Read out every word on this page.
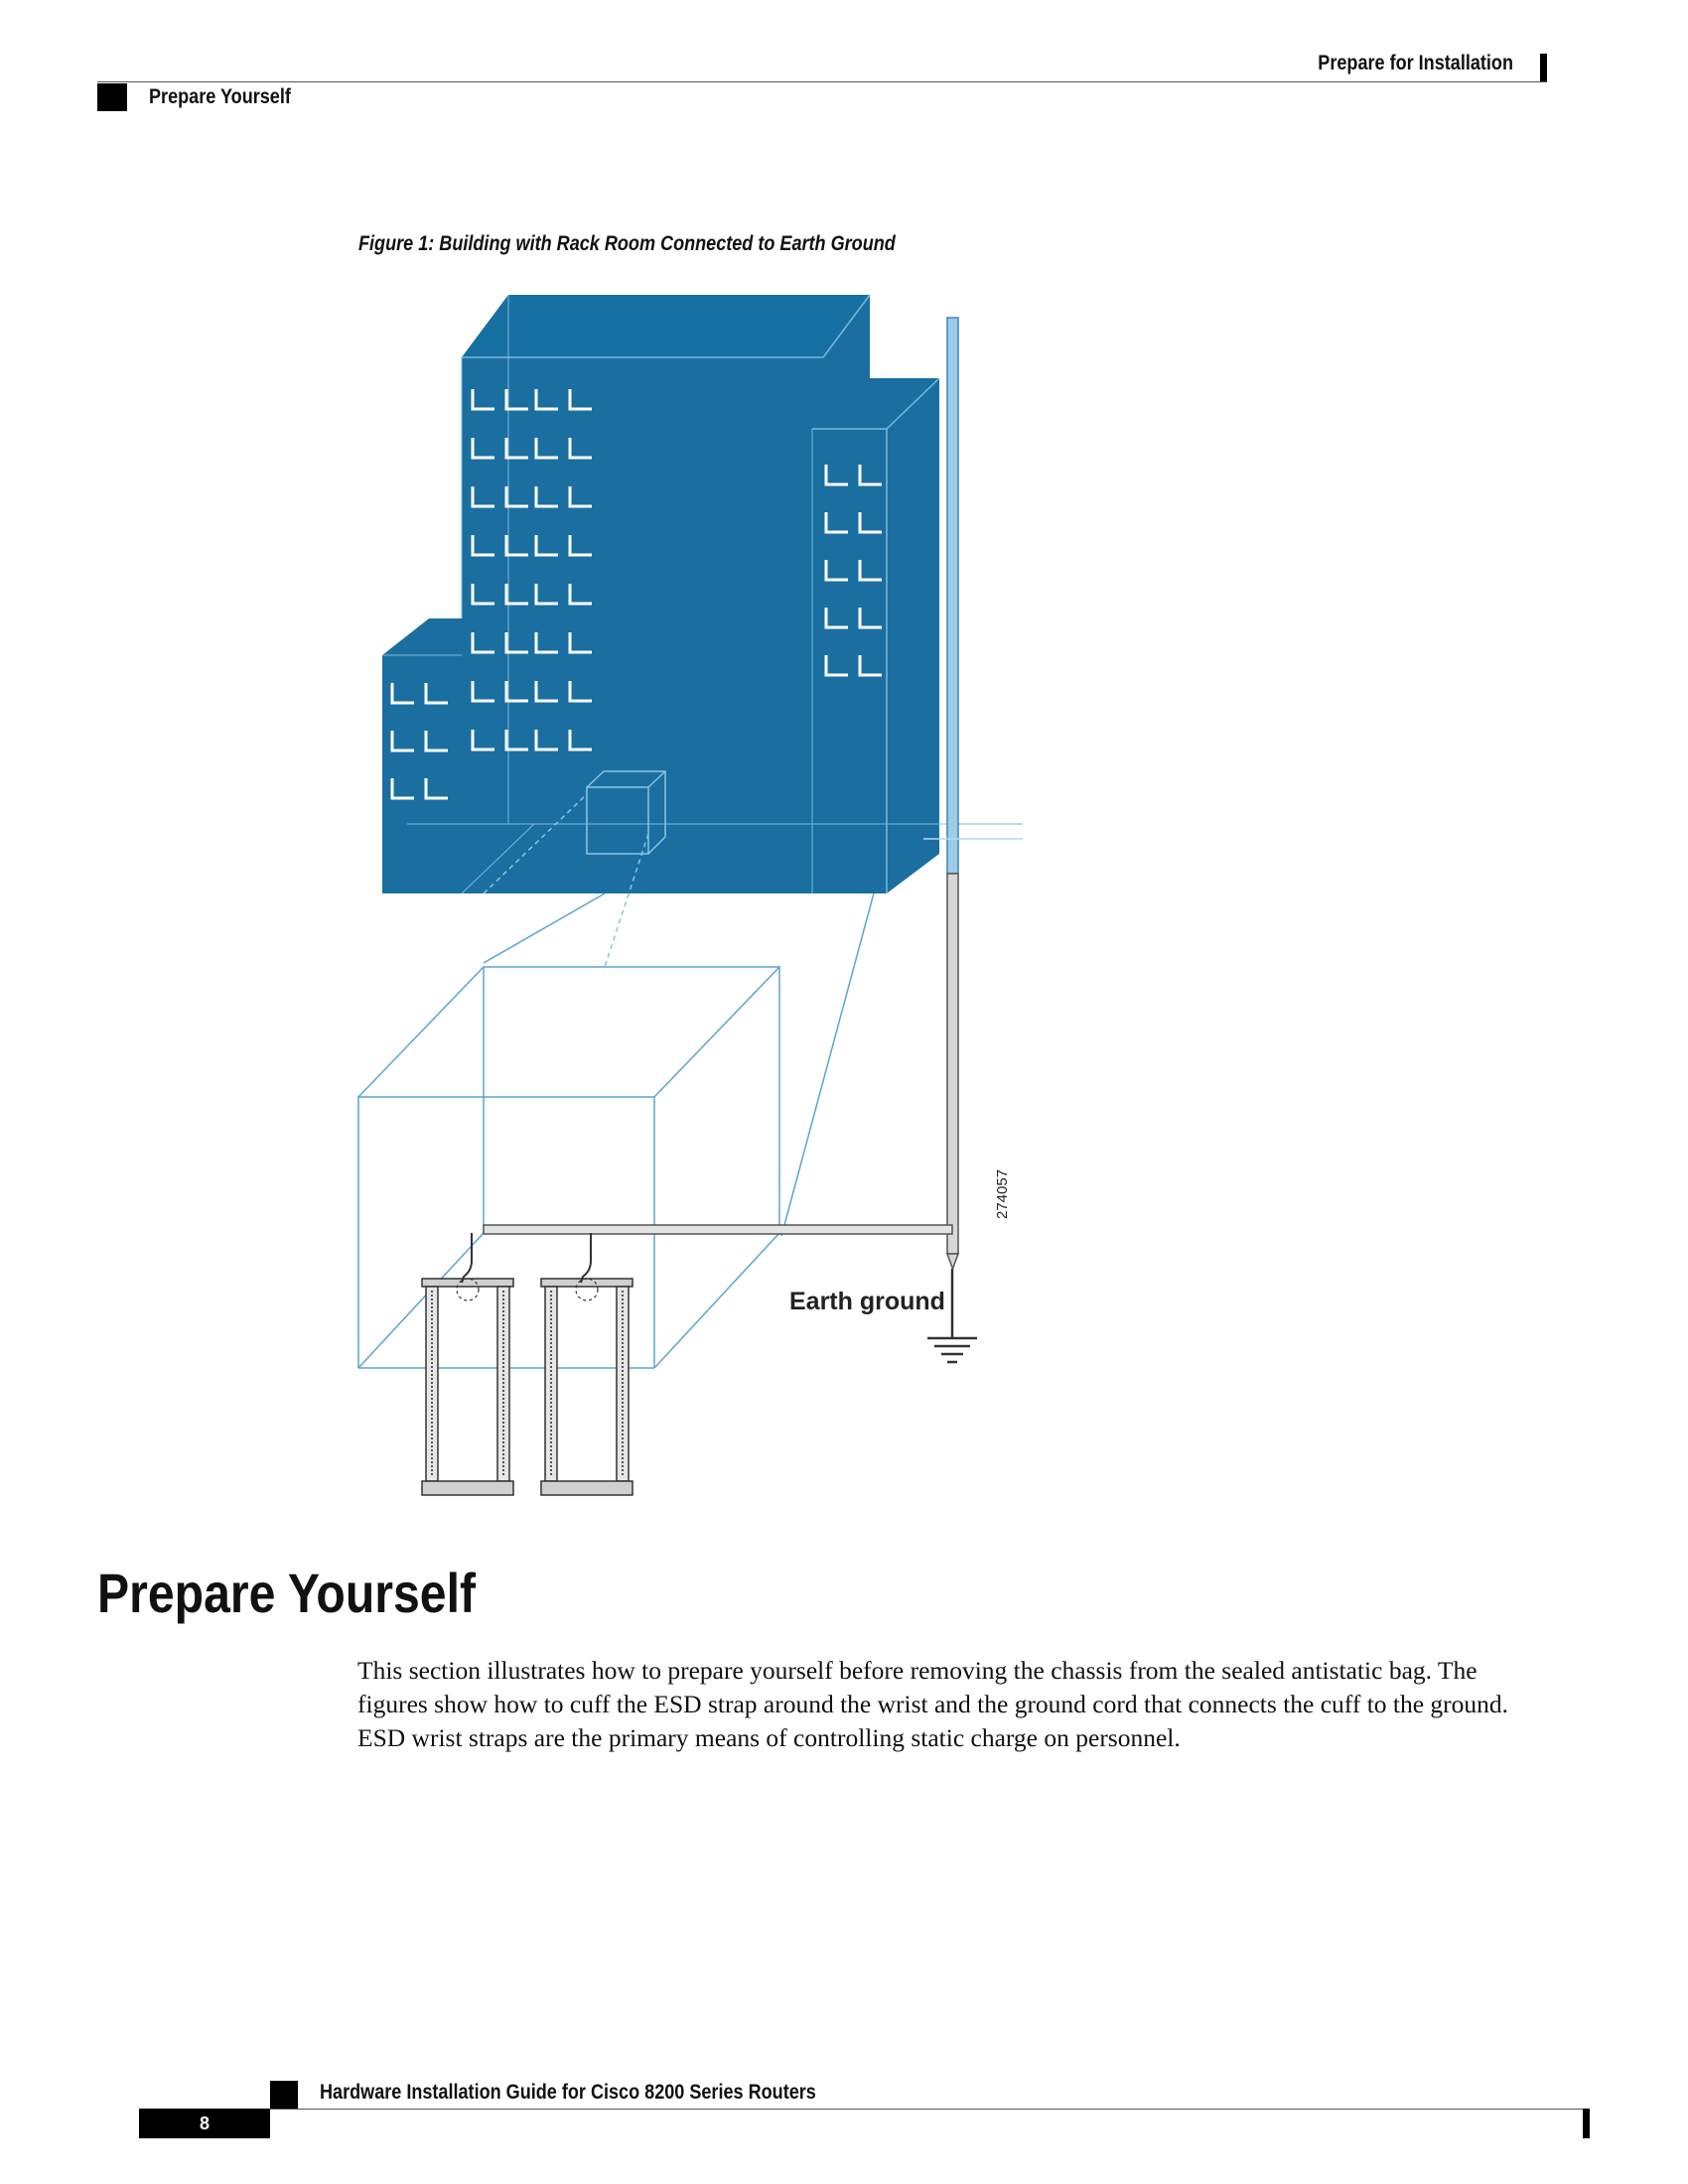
Prepare for Installation
Prepare Yourself
Figure 1: Building with Rack Room Connected to Earth Ground
Earth ground
274057
Prepare Yourself

This section illustrates how to prepare yourself before removing the chassis from the sealed antistatic bag. The figures show how to cuff the ESD strap around the wrist and the ground cord that connects the cuff to the ground. ESD wrist straps are the primary means of controlling static charge on personnel.

Hardware Installation Guide for Cisco 8200 Series Routers
8
